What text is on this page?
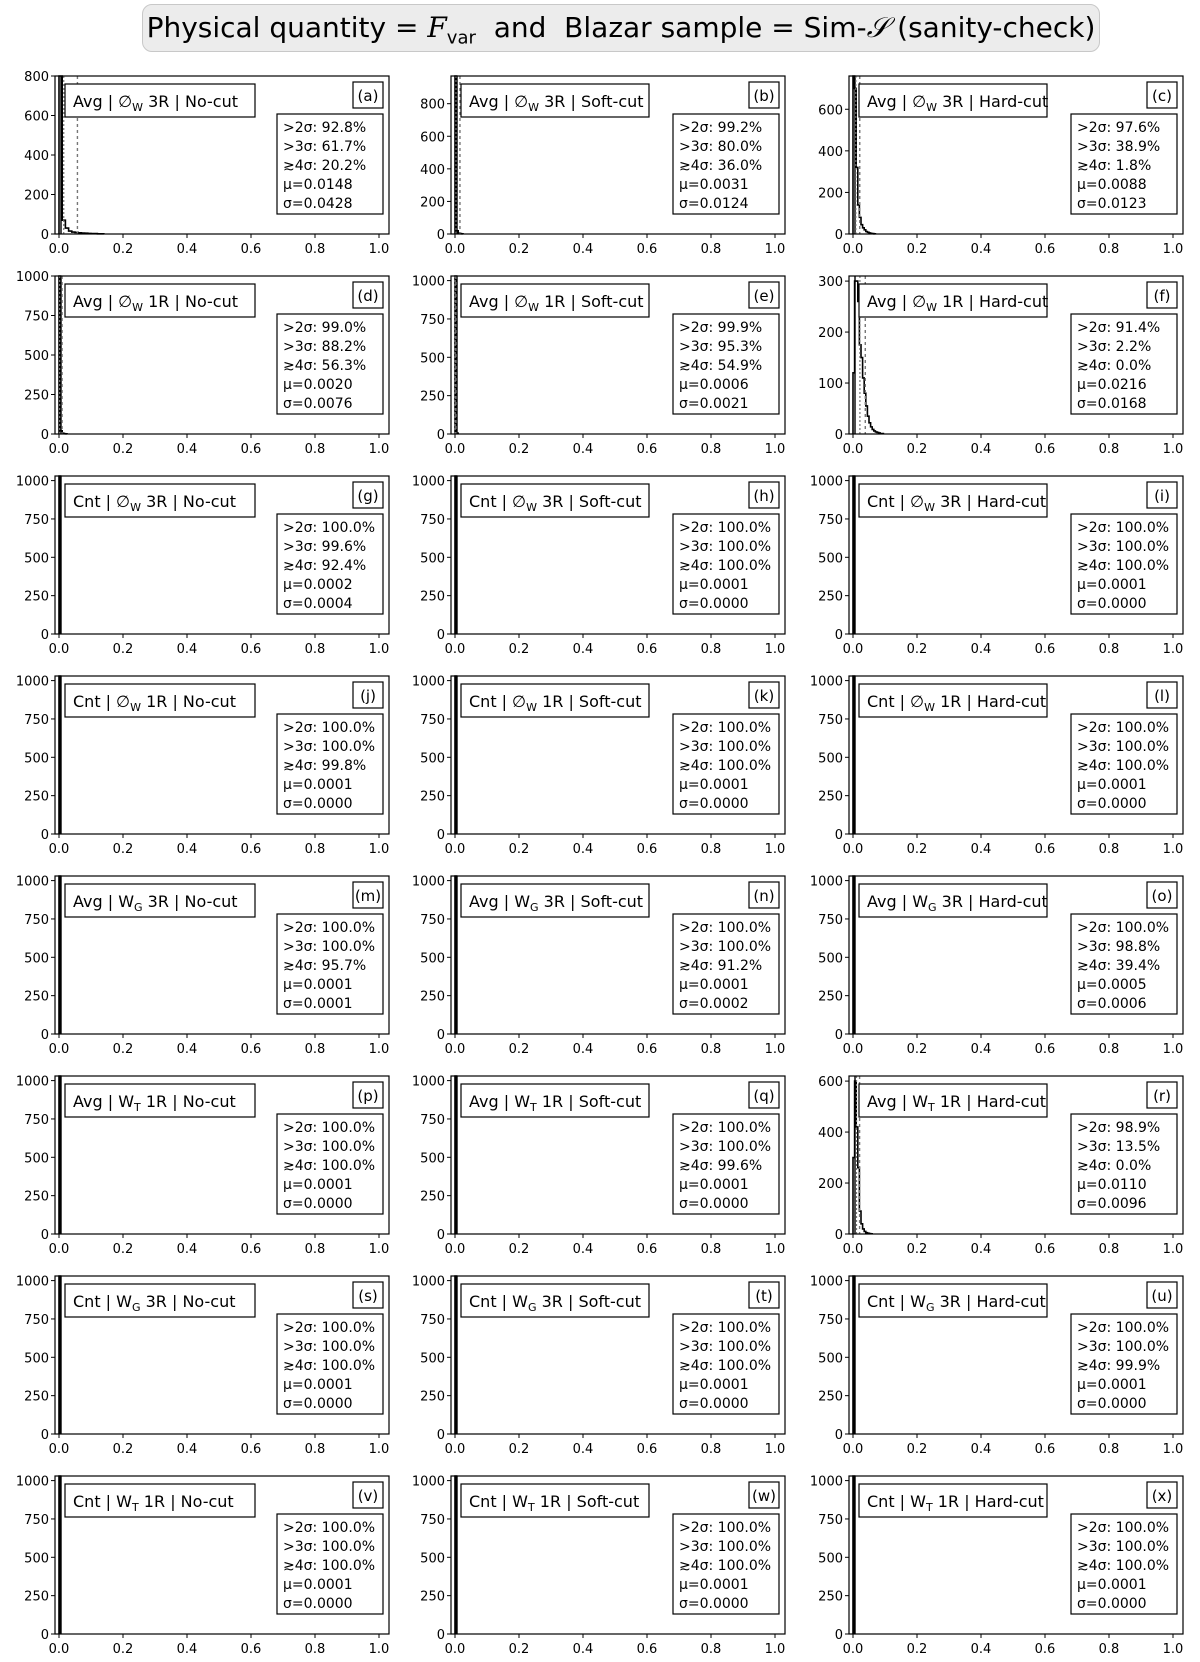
Physical quantity = $F_{var}$  and  Blazar sample = Sim-𝒮 (sanity-check)
0
200
400
600
800
0.0	0.2	0.4	0.6	0.8	1.0
Avg | $\emptyset_W$ 3R | No-cut	(a)
>2σ: 92.8%
>3σ: 61.7%
≳4σ: 20.2%
μ=0.0148
σ=0.0428
0
200
400
600
800
0.0	0.2	0.4	0.6	0.8	1.0
Avg | $\emptyset_W$ 3R | Soft-cut	(b)
>2σ: 99.2%
>3σ: 80.0%
≳4σ: 36.0%
μ=0.0031
σ=0.0124
0
200
400
600
0.0	0.2	0.4	0.6	0.8	1.0
Avg | $\emptyset_W$ 3R | Hard-cut	(c)
>2σ: 97.6%
>3σ: 38.9%
≳4σ: 1.8%
μ=0.0088
σ=0.0123
0
250
500
750
1000
0.0	0.2	0.4	0.6	0.8	1.0
Avg | $\emptyset_W$ 1R | No-cut	(d)
>2σ: 99.0%
>3σ: 88.2%
≳4σ: 56.3%
μ=0.0020
σ=0.0076
0
250
500
750
1000
0.0	0.2	0.4	0.6	0.8	1.0
Avg | $\emptyset_W$ 1R | Soft-cut	(e)
>2σ: 99.9%
>3σ: 95.3%
≳4σ: 54.9%
μ=0.0006
σ=0.0021
0
100
200
300
0.0	0.2	0.4	0.6	0.8	1.0
Avg | $\emptyset_W$ 1R | Hard-cut	(f)
>2σ: 91.4%
>3σ: 2.2%
≳4σ: 0.0%
μ=0.0216
σ=0.0168
0
250
500
750
1000
0.0	0.2	0.4	0.6	0.8	1.0
Cnt | $\emptyset_W$ 3R | No-cut	(g)
>2σ: 100.0%
>3σ: 99.6%
≳4σ: 92.4%
μ=0.0002
σ=0.0004
0
250
500
750
1000
0.0	0.2	0.4	0.6	0.8	1.0
Cnt | $\emptyset_W$ 3R | Soft-cut	(h)
>2σ: 100.0%
>3σ: 100.0%
≳4σ: 100.0%
μ=0.0001
σ=0.0000
0
250
500
750
1000
0.0	0.2	0.4	0.6	0.8	1.0
Cnt | $\emptyset_W$ 3R | Hard-cut	(i)
>2σ: 100.0%
>3σ: 100.0%
≳4σ: 100.0%
μ=0.0001
σ=0.0000
0
250
500
750
1000
0.0	0.2	0.4	0.6	0.8	1.0
Cnt | $\emptyset_W$ 1R | No-cut	(j)
>2σ: 100.0%
>3σ: 100.0%
≳4σ: 99.8%
μ=0.0001
σ=0.0000
0
250
500
750
1000
0.0	0.2	0.4	0.6	0.8	1.0
Cnt | $\emptyset_W$ 1R | Soft-cut	(k)
>2σ: 100.0%
>3σ: 100.0%
≳4σ: 100.0%
μ=0.0001
σ=0.0000
0
250
500
750
1000
0.0	0.2	0.4	0.6	0.8	1.0
Cnt | $\emptyset_W$ 1R | Hard-cut	(l)
>2σ: 100.0%
>3σ: 100.0%
≳4σ: 100.0%
μ=0.0001
σ=0.0000
0
250
500
750
1000
0.0	0.2	0.4	0.6	0.8	1.0
Avg | $W_G$ 3R | No-cut	(m)
>2σ: 100.0%
>3σ: 100.0%
≳4σ: 95.7%
μ=0.0001
σ=0.0001
0
250
500
750
1000
0.0	0.2	0.4	0.6	0.8	1.0
Avg | $W_G$ 3R | Soft-cut	(n)
>2σ: 100.0%
>3σ: 100.0%
≳4σ: 91.2%
μ=0.0001
σ=0.0002
0
250
500
750
1000
0.0	0.2	0.4	0.6	0.8	1.0
Avg | $W_G$ 3R | Hard-cut	(o)
>2σ: 100.0%
>3σ: 98.8%
≳4σ: 39.4%
μ=0.0005
σ=0.0006
0
250
500
750
1000
0.0	0.2	0.4	0.6	0.8	1.0
Avg | $W_T$ 1R | No-cut	(p)
>2σ: 100.0%
>3σ: 100.0%
≳4σ: 100.0%
μ=0.0001
σ=0.0000
0
250
500
750
1000
0.0	0.2	0.4	0.6	0.8	1.0
Avg | $W_T$ 1R | Soft-cut	(q)
>2σ: 100.0%
>3σ: 100.0%
≳4σ: 99.6%
μ=0.0001
σ=0.0000
0
200
400
600
0.0	0.2	0.4	0.6	0.8	1.0
Avg | $W_T$ 1R | Hard-cut	(r)
>2σ: 98.9%
>3σ: 13.5%
≳4σ: 0.0%
μ=0.0110
σ=0.0096
0
250
500
750
1000
0.0	0.2	0.4	0.6	0.8	1.0
Cnt | $W_G$ 3R | No-cut	(s)
>2σ: 100.0%
>3σ: 100.0%
≳4σ: 100.0%
μ=0.0001
σ=0.0000
0
250
500
750
1000
0.0	0.2	0.4	0.6	0.8	1.0
Cnt | $W_G$ 3R | Soft-cut	(t)
>2σ: 100.0%
>3σ: 100.0%
≳4σ: 100.0%
μ=0.0001
σ=0.0000
0
250
500
750
1000
0.0	0.2	0.4	0.6	0.8	1.0
Cnt | $W_G$ 3R | Hard-cut	(u)
>2σ: 100.0%
>3σ: 100.0%
≳4σ: 99.9%
μ=0.0001
σ=0.0000
0
250
500
750
1000
0.0	0.2	0.4	0.6	0.8	1.0
Cnt | $W_T$ 1R | No-cut	(v)
>2σ: 100.0%
>3σ: 100.0%
≳4σ: 100.0%
μ=0.0001
σ=0.0000
0
250
500
750
1000
0.0	0.2	0.4	0.6	0.8	1.0
Cnt | $W_T$ 1R | Soft-cut	(w)
>2σ: 100.0%
>3σ: 100.0%
≳4σ: 100.0%
μ=0.0001
σ=0.0000
0
250
500
750
1000
0.0	0.2	0.4	0.6	0.8	1.0
Cnt | $W_T$ 1R | Hard-cut	(x)
>2σ: 100.0%
>3σ: 100.0%
≳4σ: 100.0%
μ=0.0001
σ=0.0000
